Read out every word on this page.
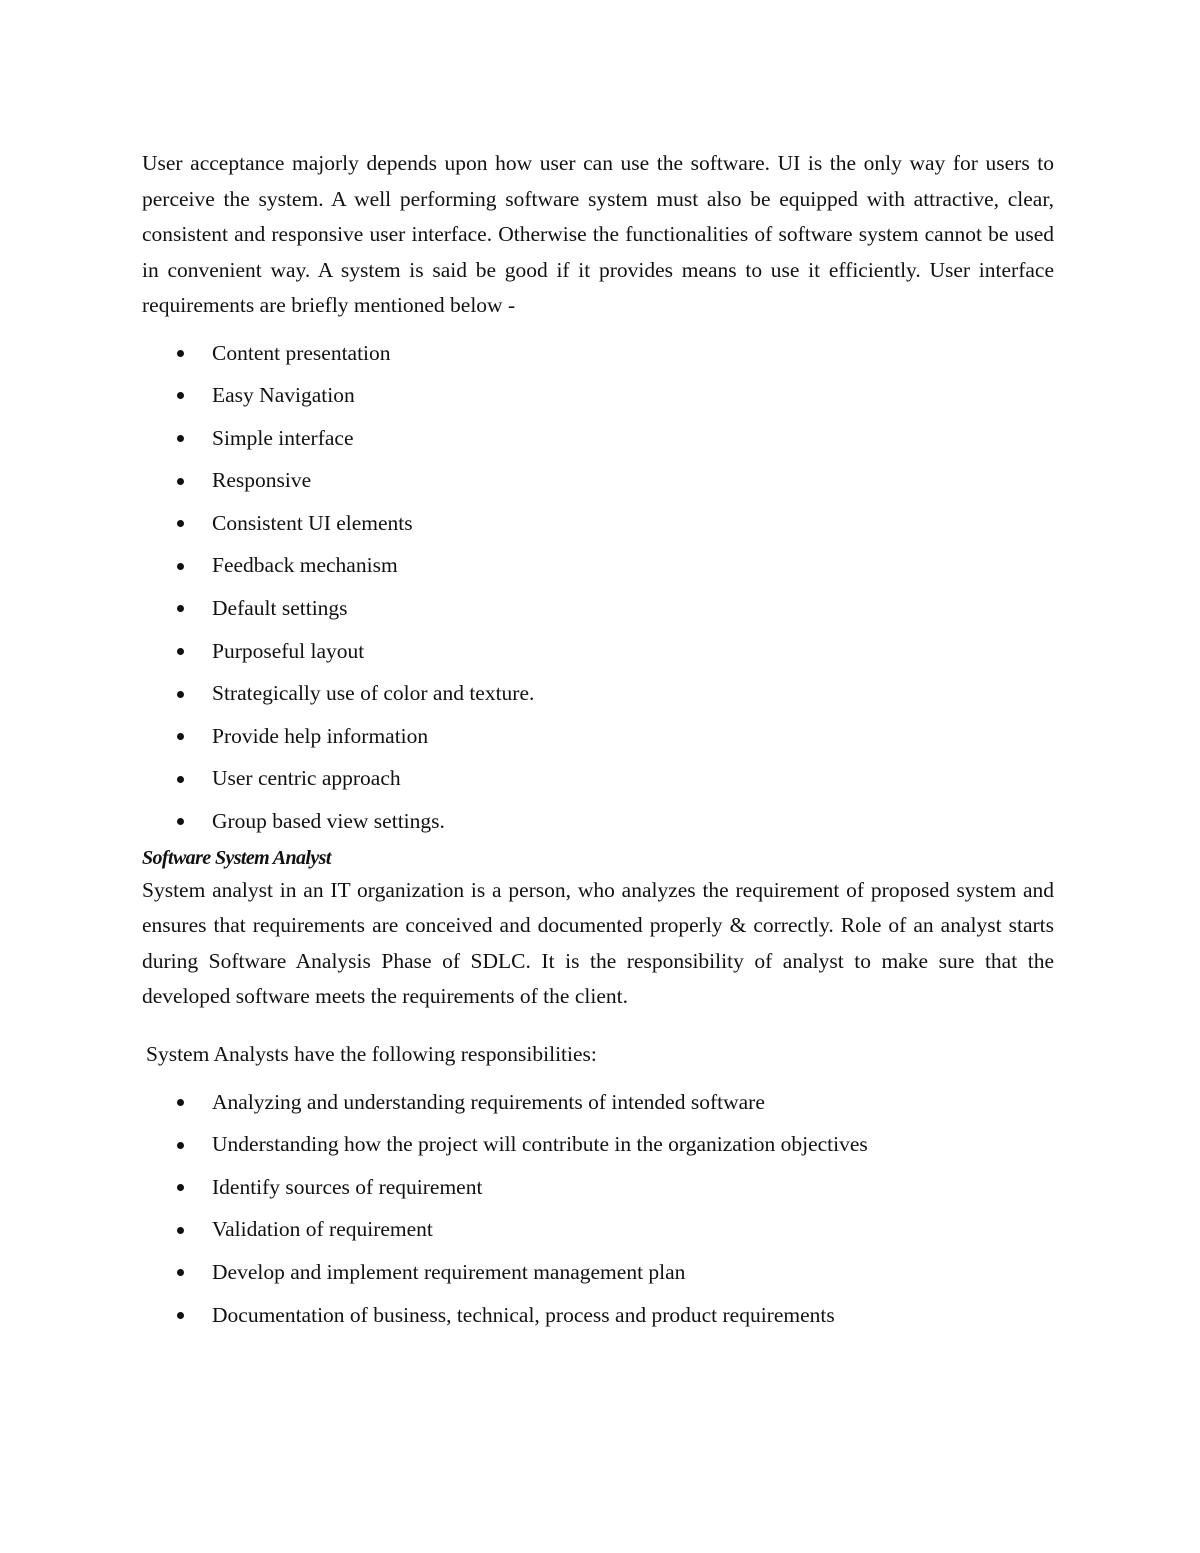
User acceptance majorly depends upon how user can use the software. UI is the only way for users to perceive the system. A well performing software system must also be equipped with attractive, clear, consistent and responsive user interface. Otherwise the functionalities of software system cannot be used in convenient way. A system is said be good if it provides means to use it efficiently. User interface requirements are briefly mentioned below -

Content presentation
Easy Navigation
Simple interface
Responsive
Consistent UI elements
Feedback mechanism
Default settings
Purposeful layout
Strategically use of color and texture.
Provide help information
User centric approach
Group based view settings.
Software System Analyst

System analyst in an IT organization is a person, who analyzes the requirement of proposed system and ensures that requirements are conceived and documented properly & correctly. Role of an analyst starts during Software Analysis Phase of SDLC. It is the responsibility of analyst to make sure that the developed software meets the requirements of the client.

System Analysts have the following responsibilities:

Analyzing and understanding requirements of intended software
Understanding how the project will contribute in the organization objectives
Identify sources of requirement
Validation of requirement
Develop and implement requirement management plan
Documentation of business, technical, process and product requirements
